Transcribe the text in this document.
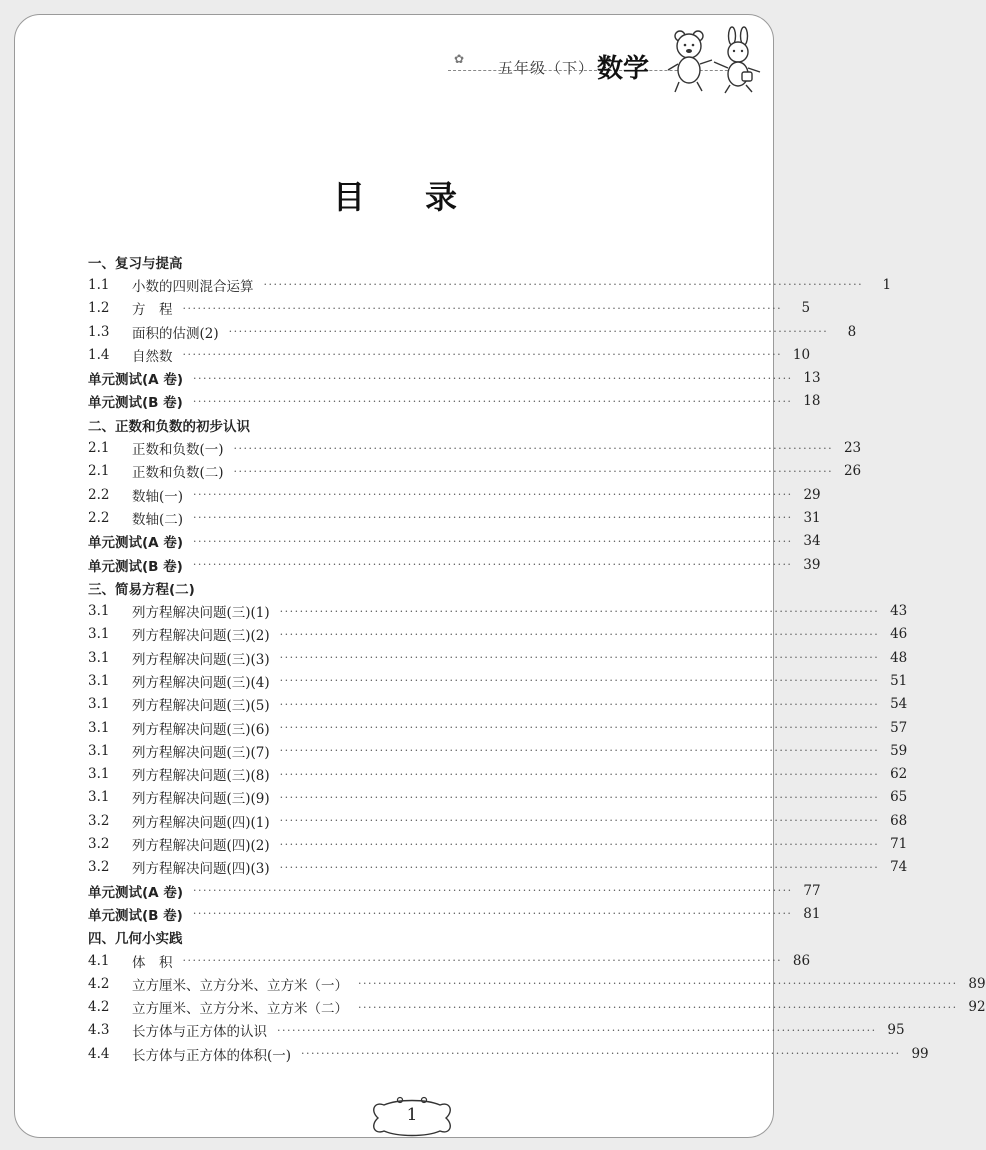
✿ 五年级（下） 数学
目录
一、复习与提高
1.1	小数的四则混合运算 ························································································································	1
1.2	方　程 ························································································································	5
1.3	面积的估测(2) ························································································································	8
1.4	自然数 ························································································································ 10
单元测试(A 卷) ························································································································ 13
单元测试(B 卷) ························································································································ 18
二、正数和负数的初步认识
2.1	正数和负数(一) ························································································································ 23
2.1	正数和负数(二) ························································································································ 26
2.2	数轴(一) ························································································································ 29
2.2	数轴(二) ························································································································ 31
单元测试(A 卷) ························································································································ 34
单元测试(B 卷) ························································································································ 39
三、简易方程(二)
3.1	列方程解决问题(三)(1) ························································································································ 43
3.1	列方程解决问题(三)(2) ························································································································ 46
3.1	列方程解决问题(三)(3) ························································································································ 48
3.1	列方程解决问题(三)(4) ························································································································ 51
3.1	列方程解决问题(三)(5) ························································································································ 54
3.1	列方程解决问题(三)(6) ························································································································ 57
3.1	列方程解决问题(三)(7) ························································································································ 59
3.1	列方程解决问题(三)(8) ························································································································ 62
3.1	列方程解决问题(三)(9) ························································································································ 65
3.2	列方程解决问题(四)(1) ························································································································ 68
3.2	列方程解决问题(四)(2) ························································································································ 71
3.2	列方程解决问题(四)(3) ························································································································ 74
单元测试(A 卷) ························································································································ 77
单元测试(B 卷) ························································································································ 81
四、几何小实践
4.1	体　积 ························································································································ 86
4.2	立方厘米、立方分米、立方米（一） ························································································································ 89
4.2	立方厘米、立方分米、立方米（二） ························································································································ 92
4.3	长方体与正方体的认识 ························································································································ 95
4.4	长方体与正方体的体积(一) ························································································································ 99
1
